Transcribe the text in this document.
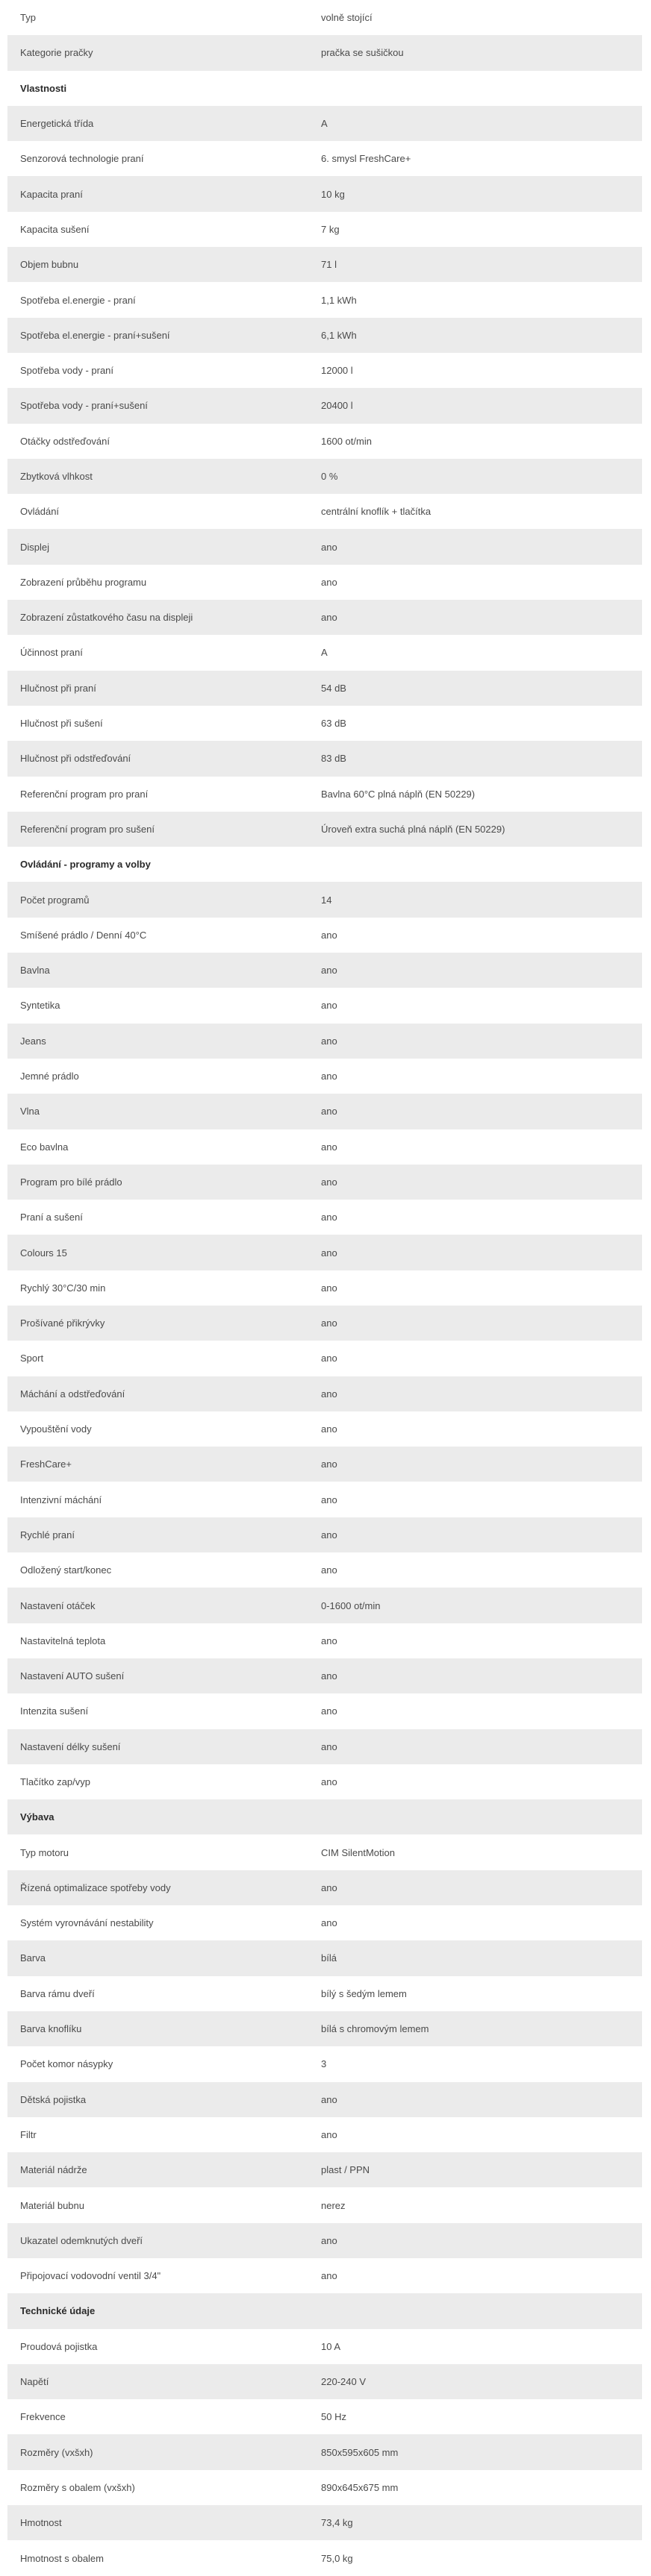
Typ	volně stojící
Kategorie pračky	pračka se sušičkou
Vlastnosti
Energetická třída	A
Senzorová technologie praní	6. smysl FreshCare+
Kapacita praní	10 kg
Kapacita sušení	7 kg
Objem bubnu	71 l
Spotřeba el.energie - praní	1,1 kWh
Spotřeba el.energie - praní+sušení	6,1 kWh
Spotřeba vody - praní	12000 l
Spotřeba vody - praní+sušení	20400 l
Otáčky odstřeďování	1600 ot/min
Zbytková vlhkost	0 %
Ovládání	centrální knoflík + tlačítka
Displej	ano
Zobrazení průběhu programu	ano
Zobrazení zůstatkového času na displeji	ano
Účinnost praní	A
Hlučnost při praní	54 dB
Hlučnost při sušení	63 dB
Hlučnost při odstřeďování	83 dB
Referenční program pro praní	Bavlna 60°C plná náplň (EN 50229)
Referenční program pro sušení	Úroveň extra suchá plná náplň (EN 50229)
Ovládání - programy a volby
Počet programů	14
Smíšené prádlo / Denní 40°C	ano
Bavlna	ano
Syntetika	ano
Jeans	ano
Jemné prádlo	ano
Vlna	ano
Eco bavlna	ano
Program pro bílé prádlo	ano
Praní a sušení	ano
Colours 15	ano
Rychlý 30°C/30 min	ano
Prošívané přikrývky	ano
Sport	ano
Máchání a odstřeďování	ano
Vypouštění vody	ano
FreshCare+	ano
Intenzivní máchání	ano
Rychlé praní	ano
Odložený start/konec	ano
Nastavení otáček	0-1600 ot/min
Nastavitelná teplota	ano
Nastavení AUTO sušení	ano
Intenzita sušení	ano
Nastavení délky sušení	ano
Tlačítko zap/vyp	ano
Výbava
Typ motoru	CIM SilentMotion
Řízená optimalizace spotřeby vody	ano
Systém vyrovnávání nestability	ano
Barva	bílá
Barva rámu dveří	bílý s šedým lemem
Barva knoflíku	bílá s chromovým lemem
Počet komor násypky	3
Dětská pojistka	ano
Filtr	ano
Materiál nádrže	plast / PPN
Materiál bubnu	nerez
Ukazatel odemknutých dveří	ano
Připojovací vodovodní ventil 3/4"	ano
Technické údaje
Proudová pojistka	10 A
Napětí	220-240 V
Frekvence	50 Hz
Rozměry (vxšxh)	850x595x605 mm
Rozměry s obalem (vxšxh)	890x645x675 mm
Hmotnost	73,4 kg
Hmotnost s obalem	75,0 kg
